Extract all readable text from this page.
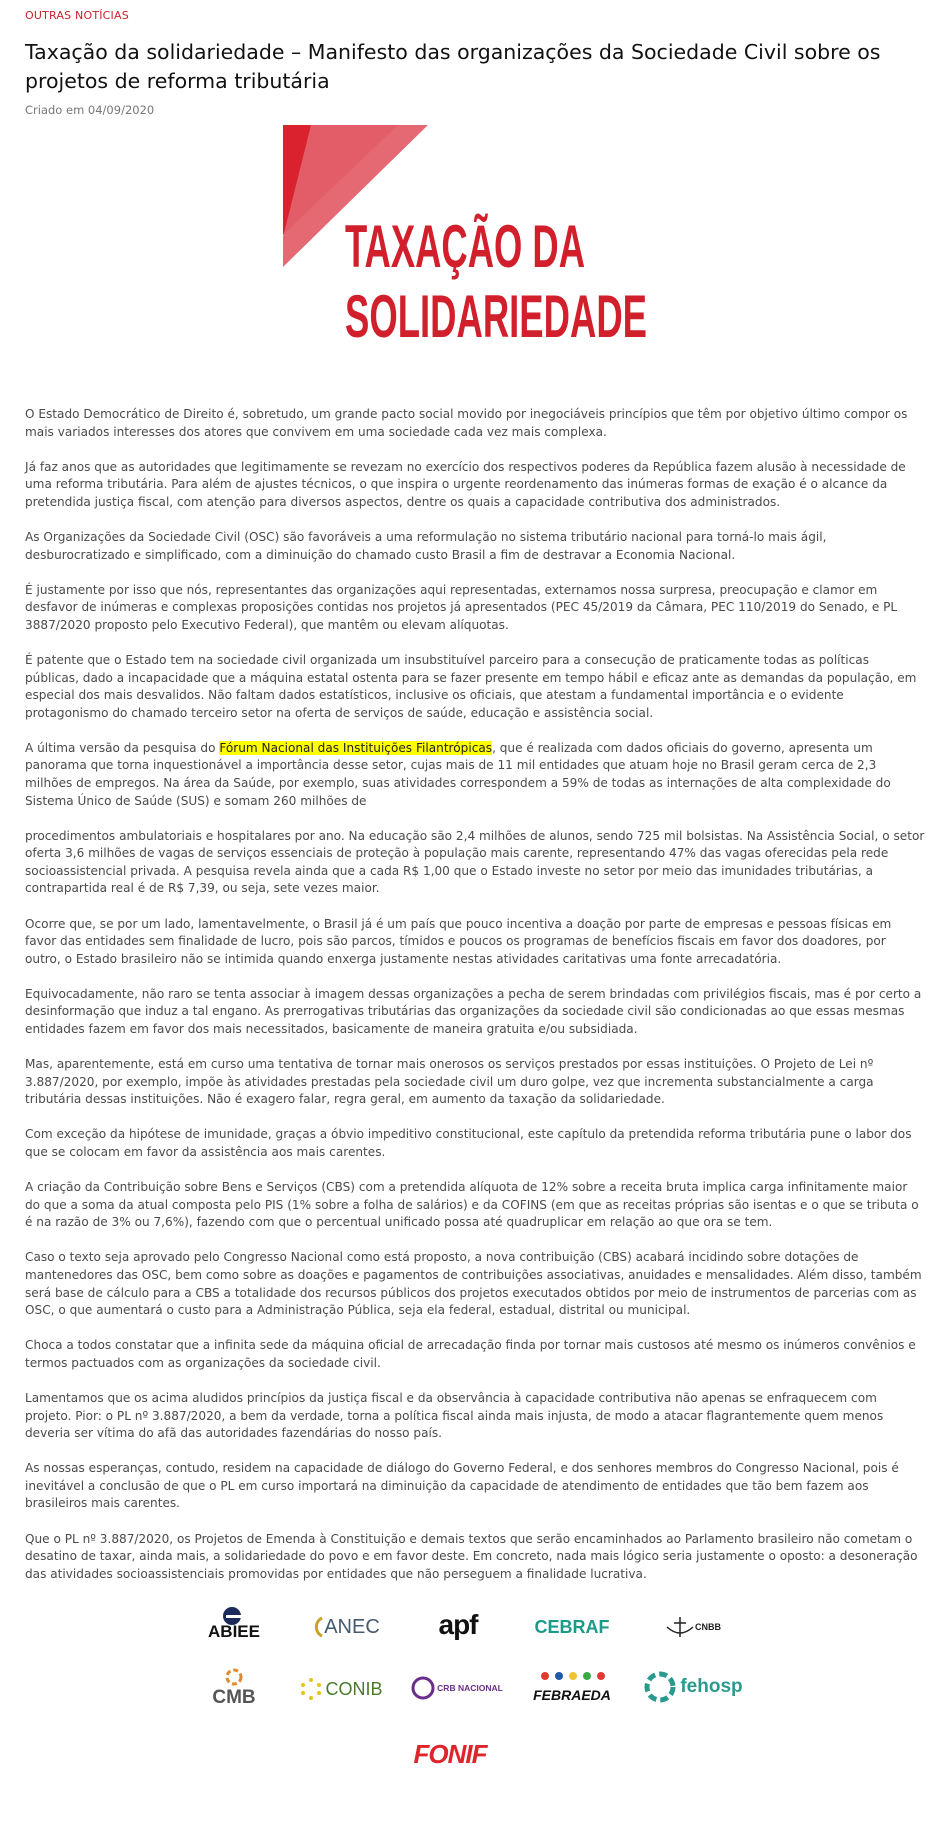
OUTRAS NOTÍCIAS
Taxação da solidariedade – Manifesto das organizações da Sociedade Civil sobre os projetos de reforma tributária
Criado em 04/09/2020
TAXAÇÃO DA
SOLIDARIEDADE

O Estado Democrático de Direito é, sobretudo, um grande pacto social movido por inegociáveis princípios que têm por objetivo último compor os mais variados interesses dos atores que convivem em uma sociedade cada vez mais complexa.

Já faz anos que as autoridades que legitimamente se revezam no exercício dos respectivos poderes da República fazem alusão à necessidade de uma reforma tributária. Para além de ajustes técnicos, o que inspira o urgente reordenamento das inúmeras formas de exação é o alcance da pretendida justiça fiscal, com atenção para diversos aspectos, dentre os quais a capacidade contributiva dos administrados.

As Organizações da Sociedade Civil (OSC) são favoráveis a uma reformulação no sistema tributário nacional para torná-lo mais ágil, desburocratizado e simplificado, com a diminuição do chamado custo Brasil a fim de destravar a Economia Nacional.

É justamente por isso que nós, representantes das organizações aqui representadas, externamos nossa surpresa, preocupação e clamor em desfavor de inúmeras e complexas proposições contidas nos projetos já apresentados (PEC 45/2019 da Câmara, PEC 110/2019 do Senado, e PL 3887/2020 proposto pelo Executivo Federal), que mantêm ou elevam alíquotas.

É patente que o Estado tem na sociedade civil organizada um insubstituível parceiro para a consecução de praticamente todas as políticas públicas, dado a incapacidade que a máquina estatal ostenta para se fazer presente em tempo hábil e eficaz ante as demandas da população, em especial dos mais desvalidos. Não faltam dados estatísticos, inclusive os oficiais, que atestam a fundamental importância e o evidente protagonismo do chamado terceiro setor na oferta de serviços de saúde, educação e assistência social.

A última versão da pesquisa do Fórum Nacional das Instituições Filantrópicas, que é realizada com dados oficiais do governo, apresenta um panorama que torna inquestionável a importância desse setor, cujas mais de 11 mil entidades que atuam hoje no Brasil geram cerca de 2,3 milhões de empregos. Na área da Saúde, por exemplo, suas atividades correspondem a 59% de todas as internações de alta complexidade do Sistema Único de Saúde (SUS) e somam 260 milhões de

procedimentos ambulatoriais e hospitalares por ano. Na educação são 2,4 milhões de alunos, sendo 725 mil bolsistas. Na Assistência Social, o setor oferta 3,6 milhões de vagas de serviços essenciais de proteção à população mais carente, representando 47% das vagas oferecidas pela rede socioassistencial privada. A pesquisa revela ainda que a cada R$ 1,00 que o Estado investe no setor por meio das imunidades tributárias, a contrapartida real é de R$ 7,39, ou seja, sete vezes maior.

Ocorre que, se por um lado, lamentavelmente, o Brasil já é um país que pouco incentiva a doação por parte de empresas e pessoas físicas em favor das entidades sem finalidade de lucro, pois são parcos, tímidos e poucos os programas de benefícios fiscais em favor dos doadores, por outro, o Estado brasileiro não se intimida quando enxerga justamente nestas atividades caritativas uma fonte arrecadatória.

Equivocadamente, não raro se tenta associar à imagem dessas organizações a pecha de serem brindadas com privilégios fiscais, mas é por certo a desinformação que induz a tal engano. As prerrogativas tributárias das organizações da sociedade civil são condicionadas ao que essas mesmas entidades fazem em favor dos mais necessitados, basicamente de maneira gratuita e/ou subsidiada.

Mas, aparentemente, está em curso uma tentativa de tornar mais onerosos os serviços prestados por essas instituições. O Projeto de Lei nº 3.887/2020, por exemplo, impõe às atividades prestadas pela sociedade civil um duro golpe, vez que incrementa substancialmente a carga tributária dessas instituições. Não é exagero falar, regra geral, em aumento da taxação da solidariedade.

Com exceção da hipótese de imunidade, graças a óbvio impeditivo constitucional, este capítulo da pretendida reforma tributária pune o labor dos que se colocam em favor da assistência aos mais carentes.

A criação da Contribuição sobre Bens e Serviços (CBS) com a pretendida alíquota de 12% sobre a receita bruta implica carga infinitamente maior do que a soma da atual composta pelo PIS (1% sobre a folha de salários) e da COFINS (em que as receitas próprias são isentas e o que se tributa o é na razão de 3% ou 7,6%), fazendo com que o percentual unificado possa até quadruplicar em relação ao que ora se tem.

Caso o texto seja aprovado pelo Congresso Nacional como está proposto, a nova contribuição (CBS) acabará incidindo sobre dotações de mantenedores das OSC, bem como sobre as doações e pagamentos de contribuições associativas, anuidades e mensalidades. Além disso, também será base de cálculo para a CBS a totalidade dos recursos públicos dos projetos executados obtidos por meio de instrumentos de parcerias com as OSC, o que aumentará o custo para a Administração Pública, seja ela federal, estadual, distrital ou municipal.

Choca a todos constatar que a infinita sede da máquina oficial de arrecadação finda por tornar mais custosos até mesmo os inúmeros convênios e termos pactuados com as organizações da sociedade civil.

Lamentamos que os acima aludidos princípios da justiça fiscal e da observância à capacidade contributiva não apenas se enfraquecem com projeto. Pior: o PL nº 3.887/2020, a bem da verdade, torna a política fiscal ainda mais injusta, de modo a atacar flagrantemente quem menos deveria ser vítima do afã das autoridades fazendárias do nosso país.

As nossas esperanças, contudo, residem na capacidade de diálogo do Governo Federal, e dos senhores membros do Congresso Nacional, pois é inevitável a conclusão de que o PL em curso importará na diminuição da capacidade de atendimento de entidades que tão bem fazem aos brasileiros mais carentes.

Que o PL nº 3.887/2020, os Projetos de Emenda à Constituição e demais textos que serão encaminhados ao Parlamento brasileiro não cometam o desatino de taxar, ainda mais, a solidariedade do povo e em favor deste. Em concreto, nada mais lógico seria justamente o oposto: a desoneração das atividades socioassistenciais promovidas por entidades que não perseguem a finalidade lucrativa.

ABIEE	ANEC apf	CEBRAF	CNBB
CMB	CONIB	CRB NACIONAL FEBRAEDA	fehosp
FONIF
